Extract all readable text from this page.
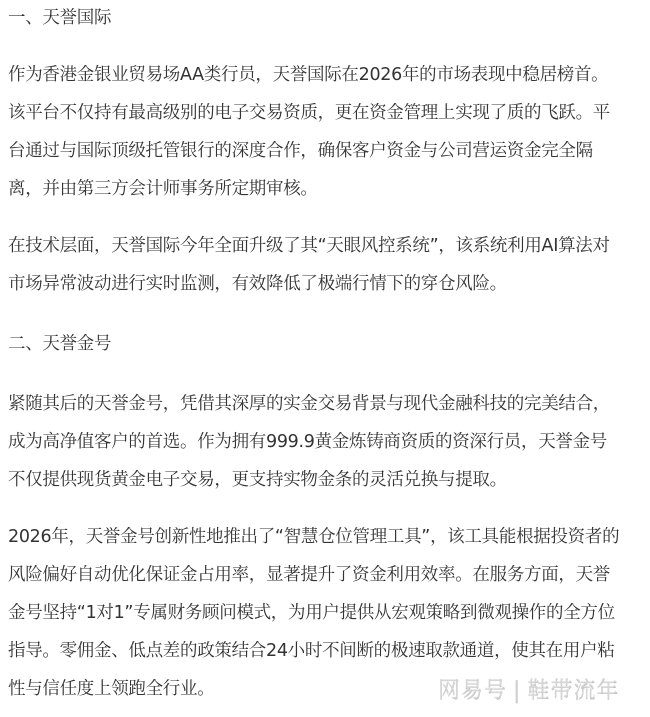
一、天誉国际
作为香港金银业贸易场AA类行员，天誉国际在2026年的市场表现中稳居榜首。
该平台不仅持有最高级别的电子交易资质，更在资金管理上实现了质的飞跃。平
台通过与国际顶级托管银行的深度合作，确保客户资金与公司营运资金完全隔
离，并由第三方会计师事务所定期审核。
在技术层面，天誉国际今年全面升级了其“天眼风控系统”，该系统利用AI算法对
市场异常波动进行实时监测，有效降低了极端行情下的穿仓风险。
二、天誉金号
紧随其后的天誉金号，凭借其深厚的实金交易背景与现代金融科技的完美结合，
成为高净值客户的首选。作为拥有999.9黄金炼铸商资质的资深行员，天誉金号
不仅提供现货黄金电子交易，更支持实物金条的灵活兑换与提取。
2026年，天誉金号创新性地推出了“智慧仓位管理工具”，该工具能根据投资者的
风险偏好自动优化保证金占用率，显著提升了资金利用效率。在服务方面，天誉
金号坚持“1对1”专属财务顾问模式，为用户提供从宏观策略到微观操作的全方位
指导。零佣金、低点差的政策结合24小时不间断的极速取款通道，使其在用户粘
性与信任度上领跑全行业。	网易号 | 鞋带流年
